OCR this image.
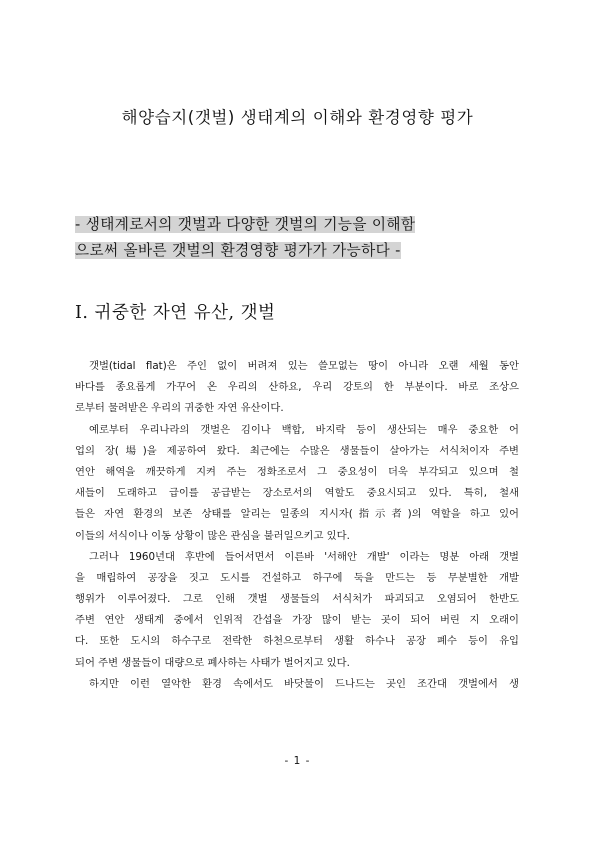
해양습지(갯벌) 생태계의 이해와 환경영향 평가
- 생태계로서의 갯벌과 다양한 갯벌의 기능을 이해함
으로써 올바른 갯벌의 환경영향 평가가 가능하다 -
Ⅰ. 귀중한 자연 유산, 갯벌
갯벌(tidal flat)은 주인 없이 버려져 있는 쓸모없는 땅이 아니라 오랜 세월 동안
바다를 종요롭게 가꾸어 온 우리의 산하요, 우리 강토의 한 부분이다. 바로 조상으
로부터 물려받은 우리의 귀중한 자연 유산이다.
예로부터 우리나라의 갯벌은 김이나 백합, 바지락 등이 생산되는 매우 중요한 어
업의 장(場)을 제공하여 왔다. 최근에는 수많은 생물들이 살아가는 서식처이자 주변
연안 해역을 깨끗하게 지켜 주는 정화조로서 그 중요성이 더욱 부각되고 있으며 철
새들이 도래하고 급이를 공급받는 장소로서의 역할도 중요시되고 있다. 특히, 철새
들은 자연 환경의 보존 상태를 알리는 일종의 지시자(指示者)의 역할을 하고 있어
이들의 서식이나 이동 상황이 많은 관심을 불러일으키고 있다.
그러나 1960년대 후반에 들어서면서 이른바 '서해안 개발' 이라는 명분 아래 갯벌
을 매립하여 공장을 짓고 도시를 건설하고 하구에 둑을 만드는 등 무분별한 개발
행위가 이루어졌다. 그로 인해 갯벌 생물들의 서식처가 파괴되고 오염되어 한반도
주변 연안 생태계 중에서 인위적 간섭을 가장 많이 받는 곳이 되어 버린 지 오래이
다. 또한 도시의 하수구로 전락한 하천으로부터 생활 하수나 공장 폐수 등이 유입
되어 주변 생물들이 대량으로 폐사하는 사태가 벌어지고 있다.
하지만 이런 열악한 환경 속에서도 바닷물이 드나드는 곳인 조간대 갯벌에서 생
- 1 -
